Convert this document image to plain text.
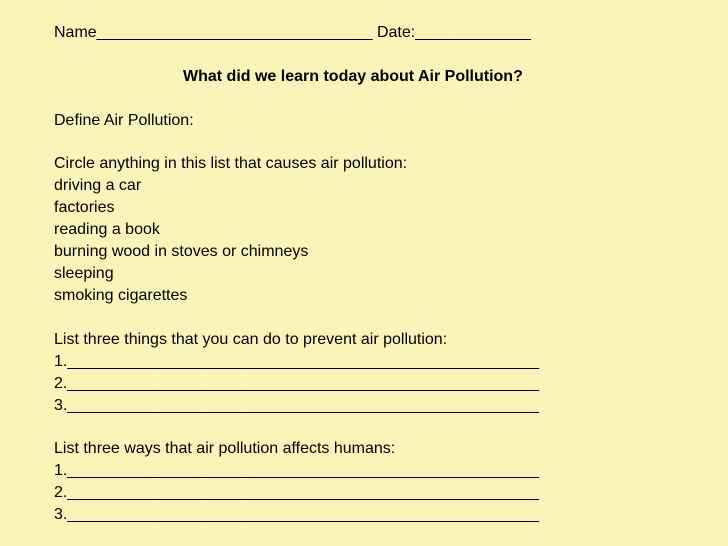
Name_______________________________ Date:_____________
What did we learn today about Air Pollution?
Define Air Pollution:
Circle anything in this list that causes air pollution:
driving a car
factories
reading a book
burning wood in stoves or chimneys
sleeping
smoking cigarettes
List three things that you can do to prevent air pollution:
1._____________________________________________________
2._____________________________________________________
3._____________________________________________________
List three ways that air pollution affects humans:
1._____________________________________________________
2._____________________________________________________
3._____________________________________________________
